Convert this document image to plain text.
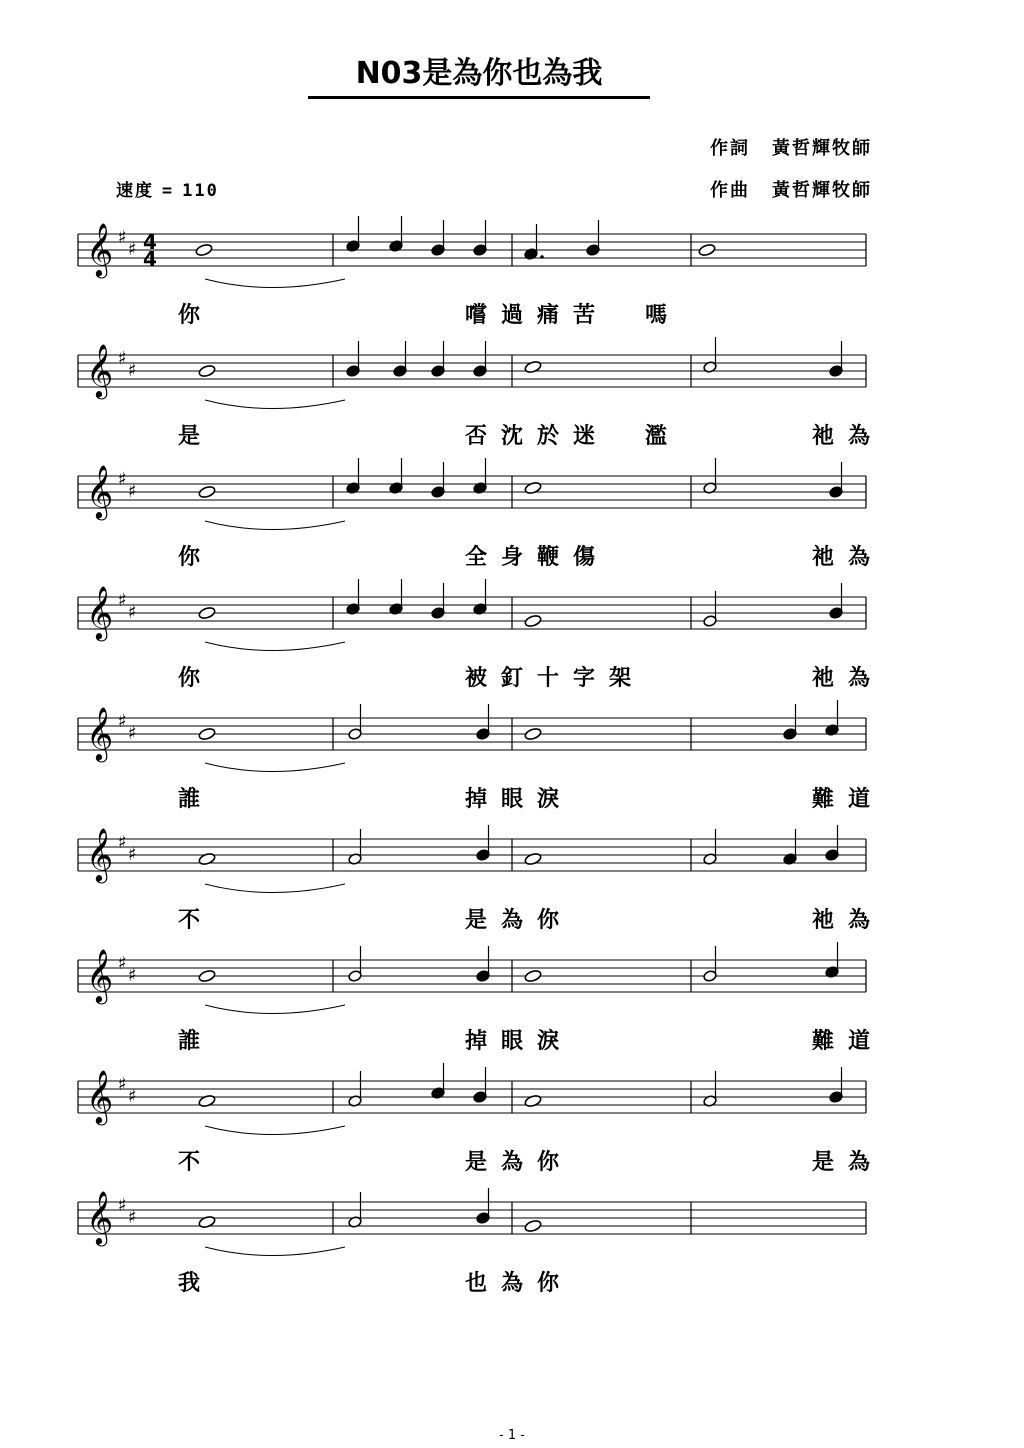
N03是為你也為我
作詞 黃哲輝牧師
作曲 黃哲輝牧師
速度 = 110
𝄞 ♯
♯ 4
4
你	嚐過痛苦　嗎
𝄞 ♯
♯
是	否沈於迷　濫	祂為
𝄞 ♯
♯
你	全身鞭傷	祂為
𝄞 ♯
♯
你	被釘十字架	祂為
𝄞 ♯
♯
誰	掉眼淚	難道
𝄞 ♯
♯
不	是為你	祂為
𝄞 ♯
♯
誰	掉眼淚	難道
𝄞 ♯
♯
不	是為你	是為
𝄞 ♯
♯
我	也為你
- 1 -
